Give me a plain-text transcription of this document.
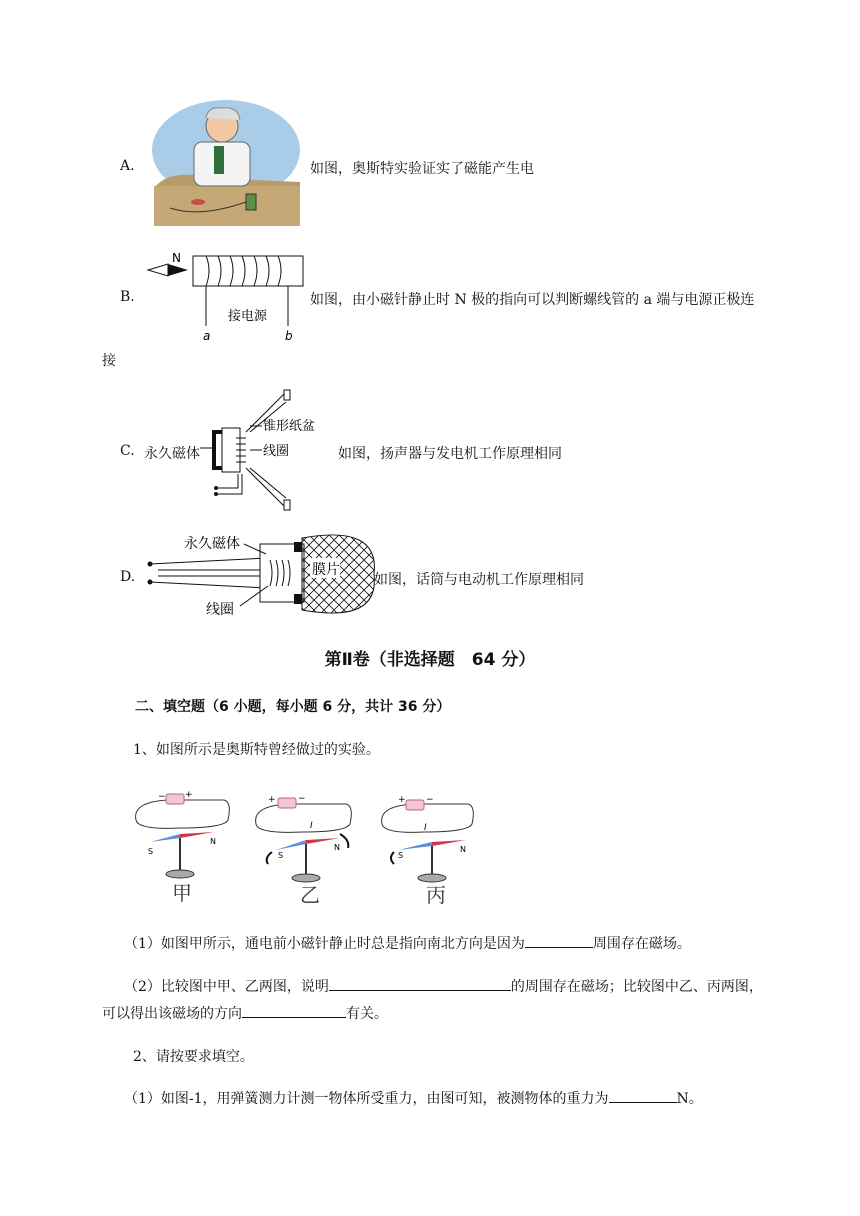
A.	如图，奥斯特实验证实了磁能产生电
B.
N
接电源
a	b
如图，由小磁针静止时 N 极的指向可以判断螺线管的 a 端与电源正极连
接
C. 永久磁体
锥形纸盆
线圈	如图，扬声器与发电机工作原理相同
D.	膜片
永久磁体
线圈
如图，话筒与电动机工作原理相同
第Ⅱ卷（非选择题　64 分）
二、填空题（6 小题，每小题 6 分，共计 36 分）
1、如图所示是奥斯特曾经做过的实验。
− +
S
N
甲
+ −
I
S
N
乙
+ −
I
S
N
丙
（1）如图甲所示，通电前小磁针静止时总是指向南北方向是因为	周围存在磁场。
（2）比较图中甲、乙两图，说明	的周围存在磁场；比较图中乙、丙两图，
可以得出该磁场的方向	有关。
2、请按要求填空。
（1）如图-1，用弹簧测力计测一物体所受重力，由图可知，被测物体的重力为	N。
